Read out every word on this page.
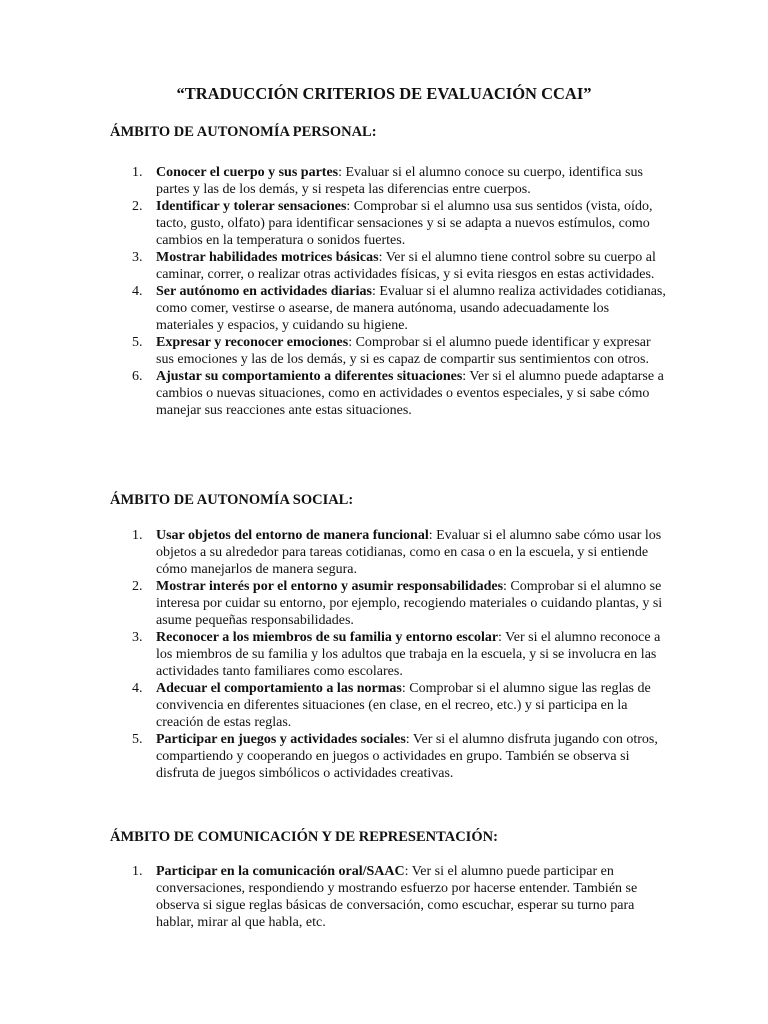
“TRADUCCIÓN CRITERIOS DE EVALUACIÓN CCAI”

ÁMBITO DE AUTONOMÍA PERSONAL:

1. Conocer el cuerpo y sus partes: Evaluar si el alumno conoce su cuerpo, identifica sus partes y las de los demás, y si respeta las diferencias entre cuerpos.
2. Identificar y tolerar sensaciones: Comprobar si el alumno usa sus sentidos (vista, oído, tacto, gusto, olfato) para identificar sensaciones y si se adapta a nuevos estímulos, como cambios en la temperatura o sonidos fuertes.
3. Mostrar habilidades motrices básicas: Ver si el alumno tiene control sobre su cuerpo al caminar, correr, o realizar otras actividades físicas, y si evita riesgos en estas actividades.
4. Ser autónomo en actividades diarias: Evaluar si el alumno realiza actividades cotidianas, como comer, vestirse o asearse, de manera autónoma, usando adecuadamente los materiales y espacios, y cuidando su higiene.
5. Expresar y reconocer emociones: Comprobar si el alumno puede identificar y expresar sus emociones y las de los demás, y si es capaz de compartir sus sentimientos con otros.
6. Ajustar su comportamiento a diferentes situaciones: Ver si el alumno puede adaptarse a cambios o nuevas situaciones, como en actividades o eventos especiales, y si sabe cómo manejar sus reacciones ante estas situaciones.

ÁMBITO DE AUTONOMÍA SOCIAL:

1. Usar objetos del entorno de manera funcional: Evaluar si el alumno sabe cómo usar los objetos a su alrededor para tareas cotidianas, como en casa o en la escuela, y si entiende cómo manejarlos de manera segura.
2. Mostrar interés por el entorno y asumir responsabilidades: Comprobar si el alumno se interesa por cuidar su entorno, por ejemplo, recogiendo materiales o cuidando plantas, y si asume pequeñas responsabilidades.
3. Reconocer a los miembros de su familia y entorno escolar: Ver si el alumno reconoce a los miembros de su familia y los adultos que trabaja en la escuela, y si se involucra en las actividades tanto familiares como escolares.
4. Adecuar el comportamiento a las normas: Comprobar si el alumno sigue las reglas de convivencia en diferentes situaciones (en clase, en el recreo, etc.) y si participa en la creación de estas reglas.
5. Participar en juegos y actividades sociales: Ver si el alumno disfruta jugando con otros, compartiendo y cooperando en juegos o actividades en grupo. También se observa si disfruta de juegos simbólicos o actividades creativas.

ÁMBITO DE COMUNICACIÓN Y DE REPRESENTACIÓN:

1. Participar en la comunicación oral/SAAC: Ver si el alumno puede participar en conversaciones, respondiendo y mostrando esfuerzo por hacerse entender. También se observa si sigue reglas básicas de conversación, como escuchar, esperar su turno para hablar, mirar al que habla, etc.
